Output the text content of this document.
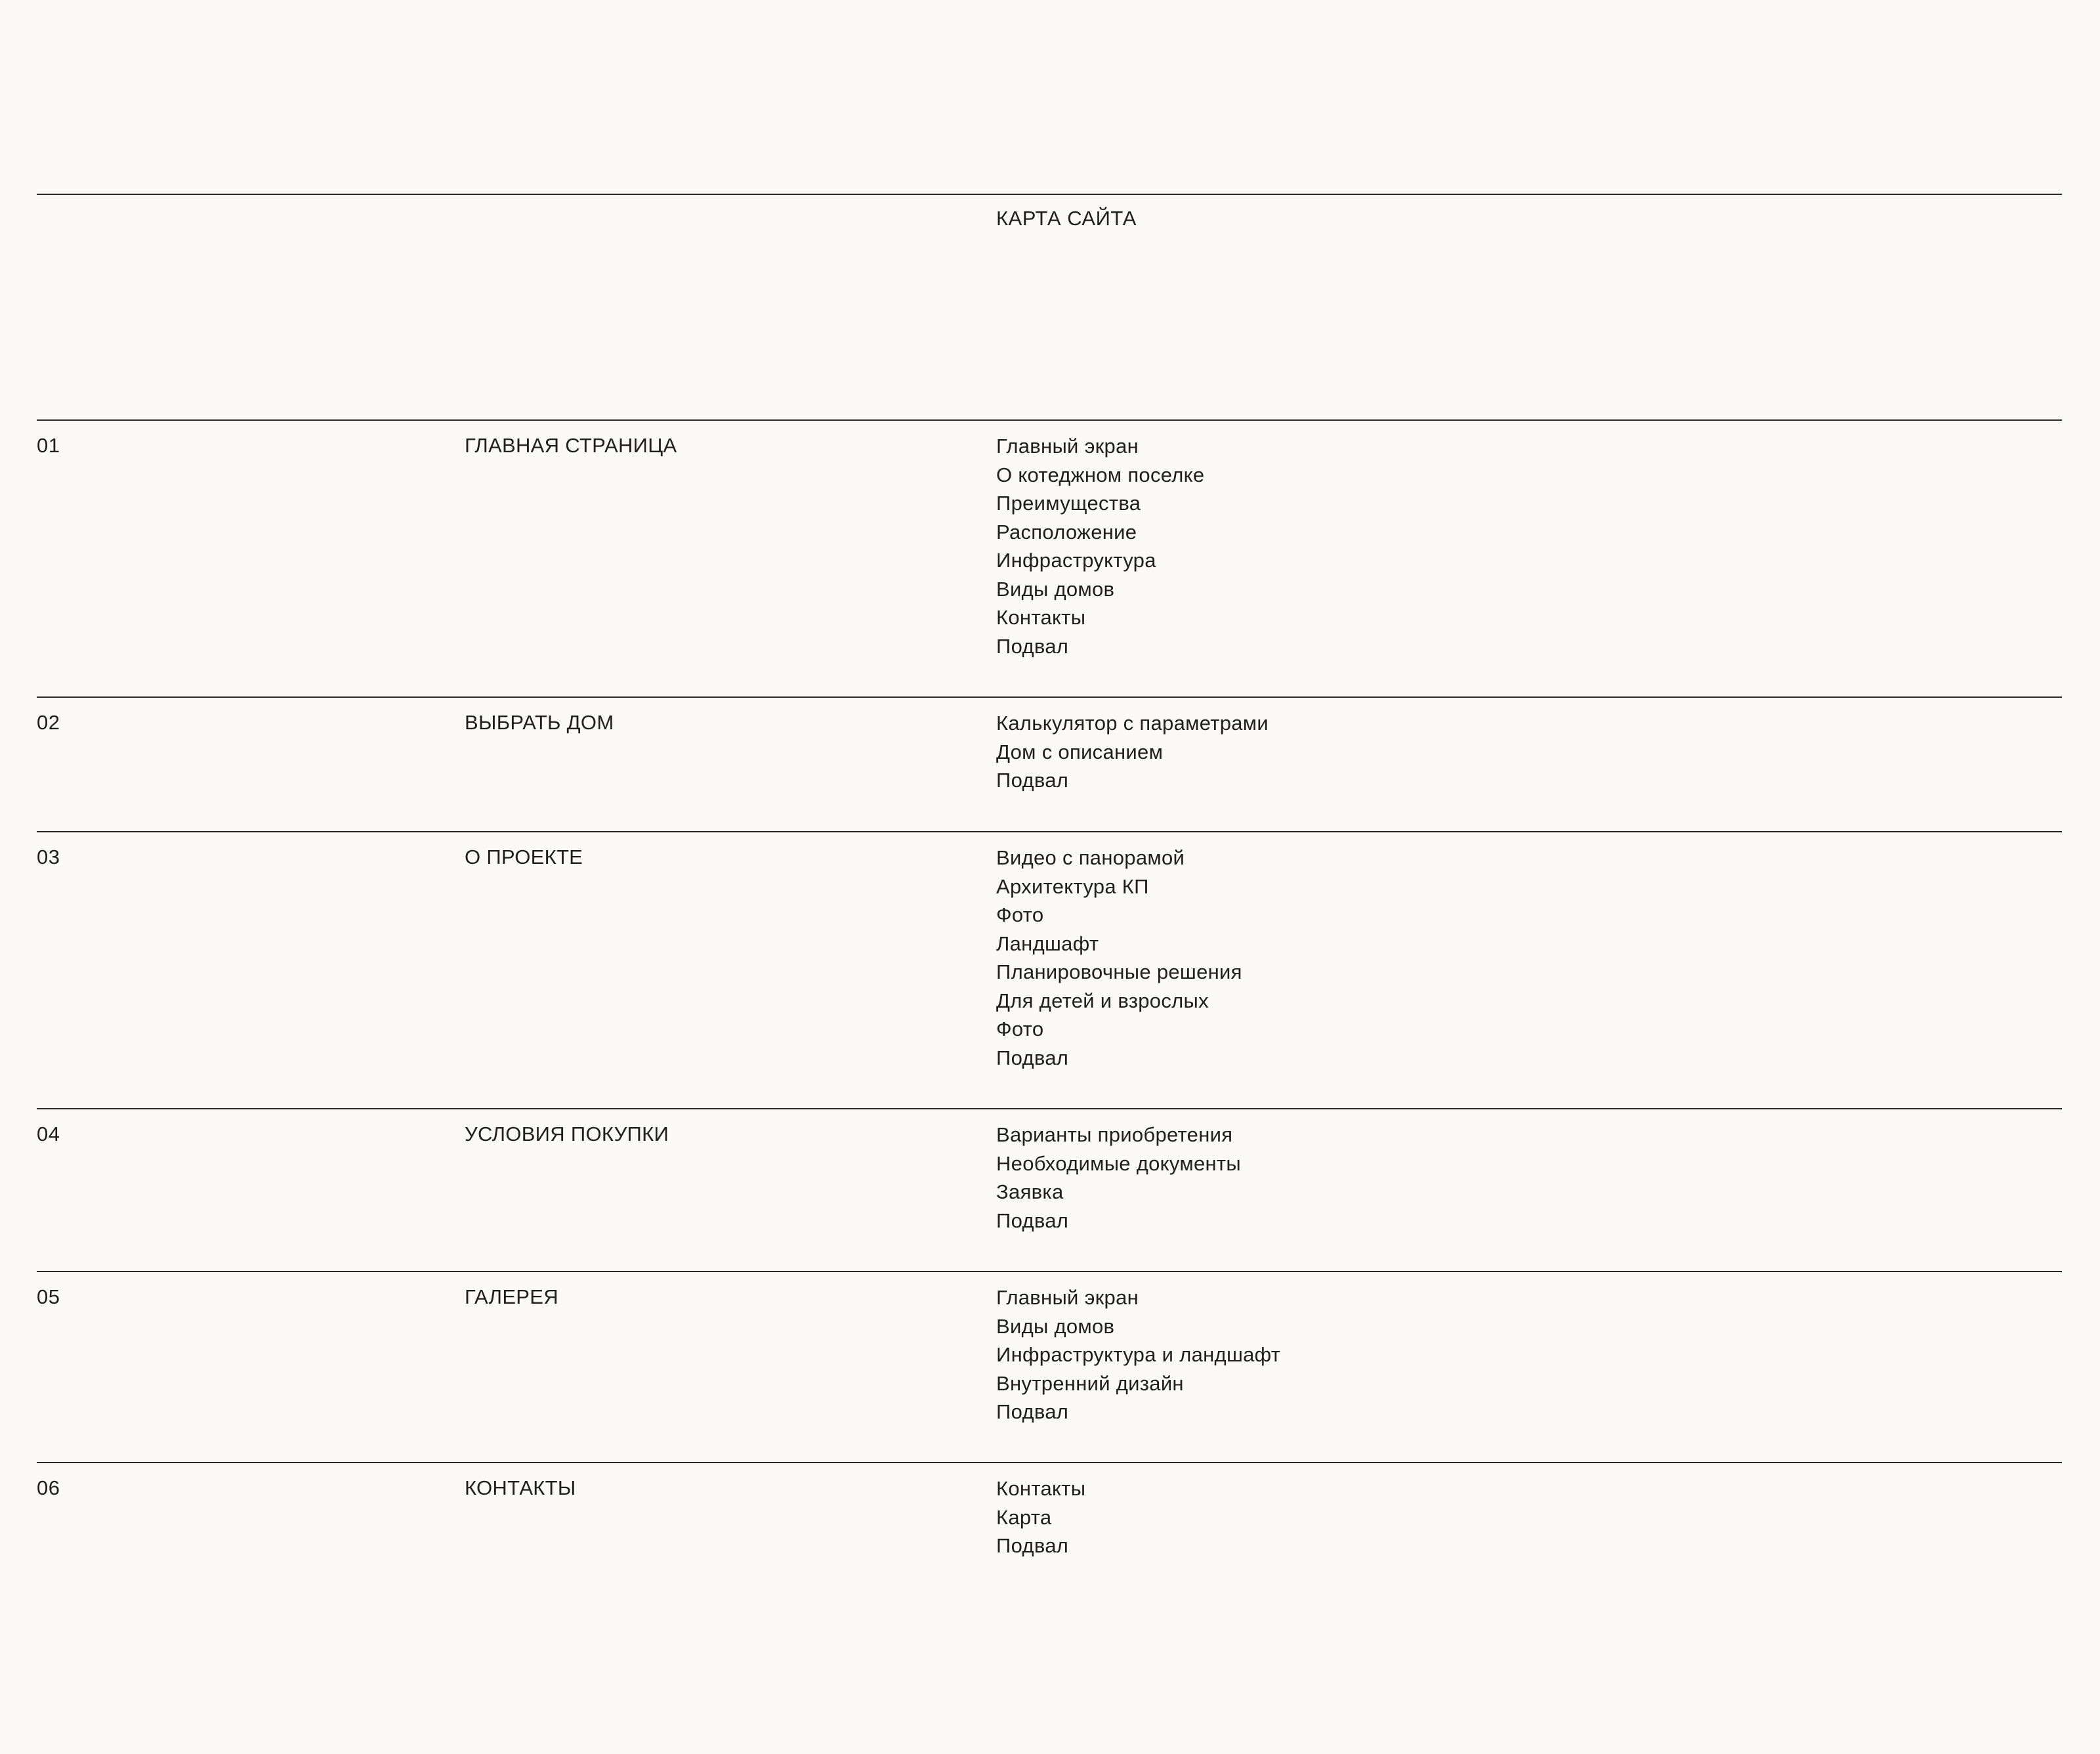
КАРТА САЙТА
01	ГЛАВНАЯ СТРАНИЦА	Главный экран
О котеджном поселке
Преимущества
Расположение
Инфраструктура
Виды домов
Контакты
Подвал
02	ВЫБРАТЬ ДОМ	Калькулятор с параметрами
Дом с описанием
Подвал
03	О ПРОЕКТЕ	Видео с панорамой
Архитектура КП
Фото
Ландшафт
Планировочные решения
Для детей и взрослых
Фото
Подвал
04	УСЛОВИЯ ПОКУПКИ	Варианты приобретения
Необходимые документы
Заявка
Подвал
05	ГАЛЕРЕЯ	Главный экран
Виды домов
Инфраструктура и ландшафт
Внутренний дизайн
Подвал
06	КОНТАКТЫ	Контакты
Карта
Подвал
